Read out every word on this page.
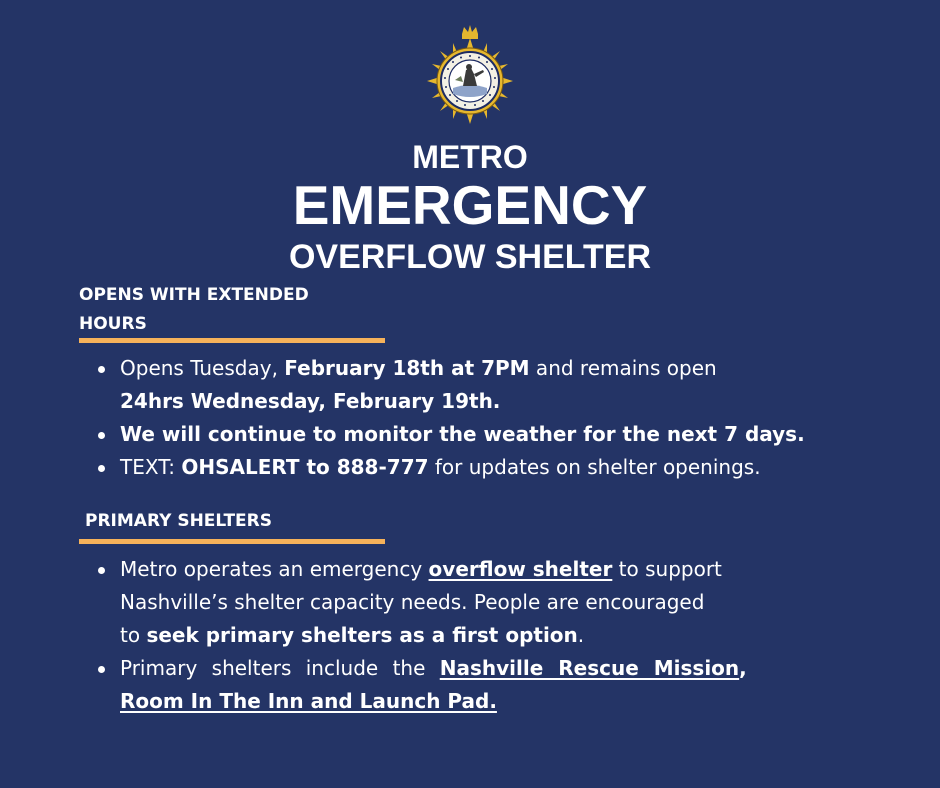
METRO
EMERGENCY
OVERFLOW SHELTER
OPENS WITH EXTENDED
HOURS
Opens Tuesday, February 18th at 7PM and remains open
24hrs Wednesday, February 19th.
We will continue to monitor the weather for the next 7 days.
TEXT: OHSALERT to 888-777 for updates on shelter openings.
PRIMARY SHELTERS
Metro operates an emergency overflow shelter to support
Nashville’s shelter capacity needs. People are encouraged
to seek primary shelters as a first option.
Primary shelters include the Nashville Rescue Mission,
Room In The Inn and Launch Pad.
